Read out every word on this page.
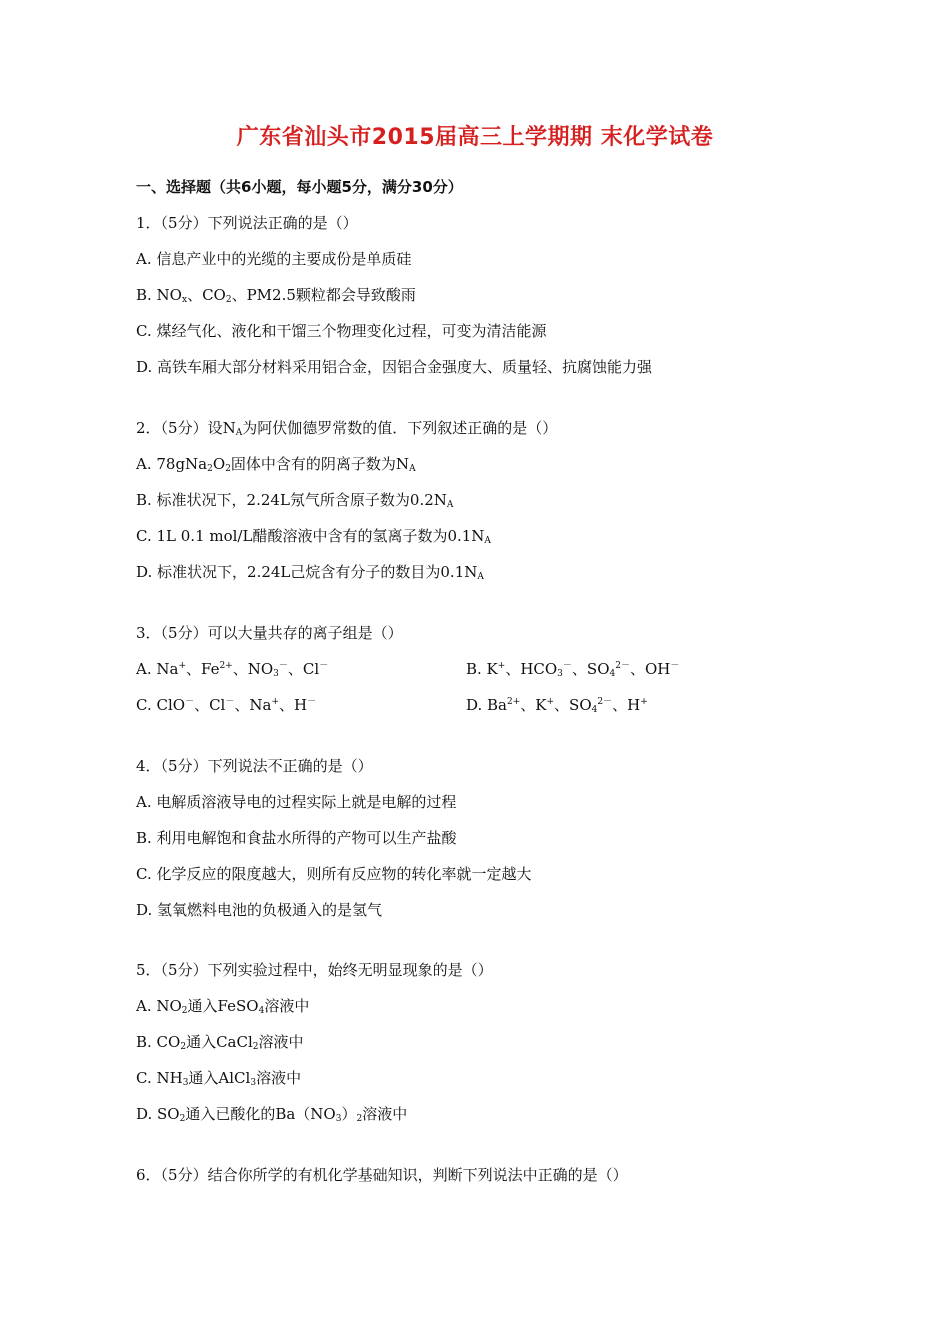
广东省汕头市2015届高三上学期期 末化学试卷
一、选择题（共6小题，每小题5分，满分30分）
1．（5分）下列说法正确的是（）
A. 信息产业中的光缆的主要成份是单质硅
B. $NO_x$、$CO_2$、PM2.5颗粒都会导致酸雨
C. 煤经气化、液化和干馏三个物理变化过程，可变为清洁能源
D. 高铁车厢大部分材料采用铝合金，因铝合金强度大、质量轻、抗腐蚀能力强
2．（5分）设$N_A$为阿伏伽德罗常数的值．下列叙述正确的是（）
A. $78gNa_2O_2$固体中含有的阴离子数为$N_A$
B. 标准状况下，2.24L氖气所含原子数为$0.2N_A$
C. 1L 0.1 mol/L醋酸溶液中含有的氢离子数为$0.1N_A$
D. 标准状况下，2.24L己烷含有分子的数目为$0.1N_A$
3．（5分）可以大量共存的离子组是（）
A. Na+、$Fe^{2+}$、$NO_3^-$、Cl－	B. K+、$HCO_3^-$、$SO_4^{2-}$、OH－
C. ClO－、Cl－、Na+、H－	D. $Ba^{2+}$、K+、$SO_4^{2-}$、H+
4．（5分）下列说法不正确的是（）
A. 电解质溶液导电的过程实际上就是电解的过程
B. 利用电解饱和食盐水所得的产物可以生产盐酸
C. 化学反应的限度越大，则所有反应物的转化率就一定越大
D. 氢氧燃料电池的负极通入的是氢气
5．（5分）下列实验过程中，始终无明显现象的是（）
A. $NO_2$通入FeSO$_4$溶液中
B. $CO_2$通入CaCl$_2$溶液中
C. $NH_3$通入AlCl$_3$溶液中
D. $SO_2$通入已酸化的$Ba(NO_3)_2$溶液中
6．（5分）结合你所学的有机化学基础知识，判断下列说法中正确的是（）
